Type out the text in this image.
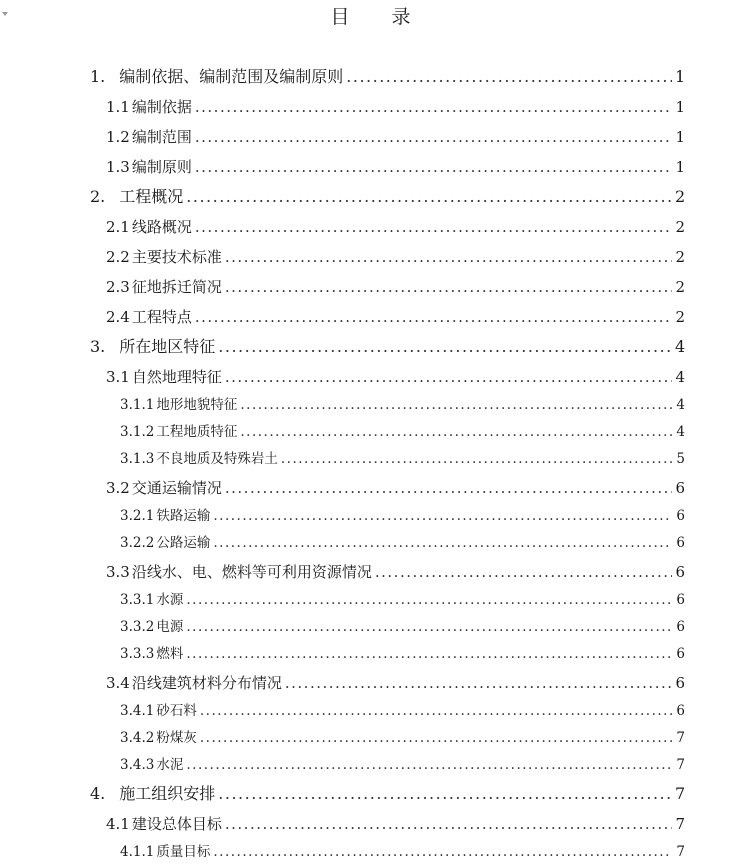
目 录
1. 编制依据、编制范围及编制原则 .....	1
1.1 编制依据 .....	1
1.2 编制范围 .....	1
1.3 编制原则 .....	1
2. 工程概况 .....	2
2.1 线路概况 .....	2
2.2 主要技术标准 .....	2
2.3 征地拆迁简况 .....	2
2.4 工程特点 .....	2
3. 所在地区特征 .....	4
3.1 自然地理特征 .....	4
3.1.1 地形地貌特征 .....	4
3.1.2 工程地质特征 .....	4
3.1.3 不良地质及特殊岩土 .....	5
3.2 交通运输情况 .....	6
3.2.1 铁路运输 .....	6
3.2.2 公路运输 .....	6
3.3 沿线水、电、燃料等可利用资源情况 .....	6
3.3.1 水源 .....	6
3.3.2 电源 .....	6
3.3.3 燃料 .....	6
3.4 沿线建筑材料分布情况 .....	6
3.4.1 砂石料 .....	6
3.4.2 粉煤灰 .....	7
3.4.3 水泥 .....	7
4. 施工组织安排 .....	7
4.1 建设总体目标 .....	7
4.1.1 质量目标 .....	7
